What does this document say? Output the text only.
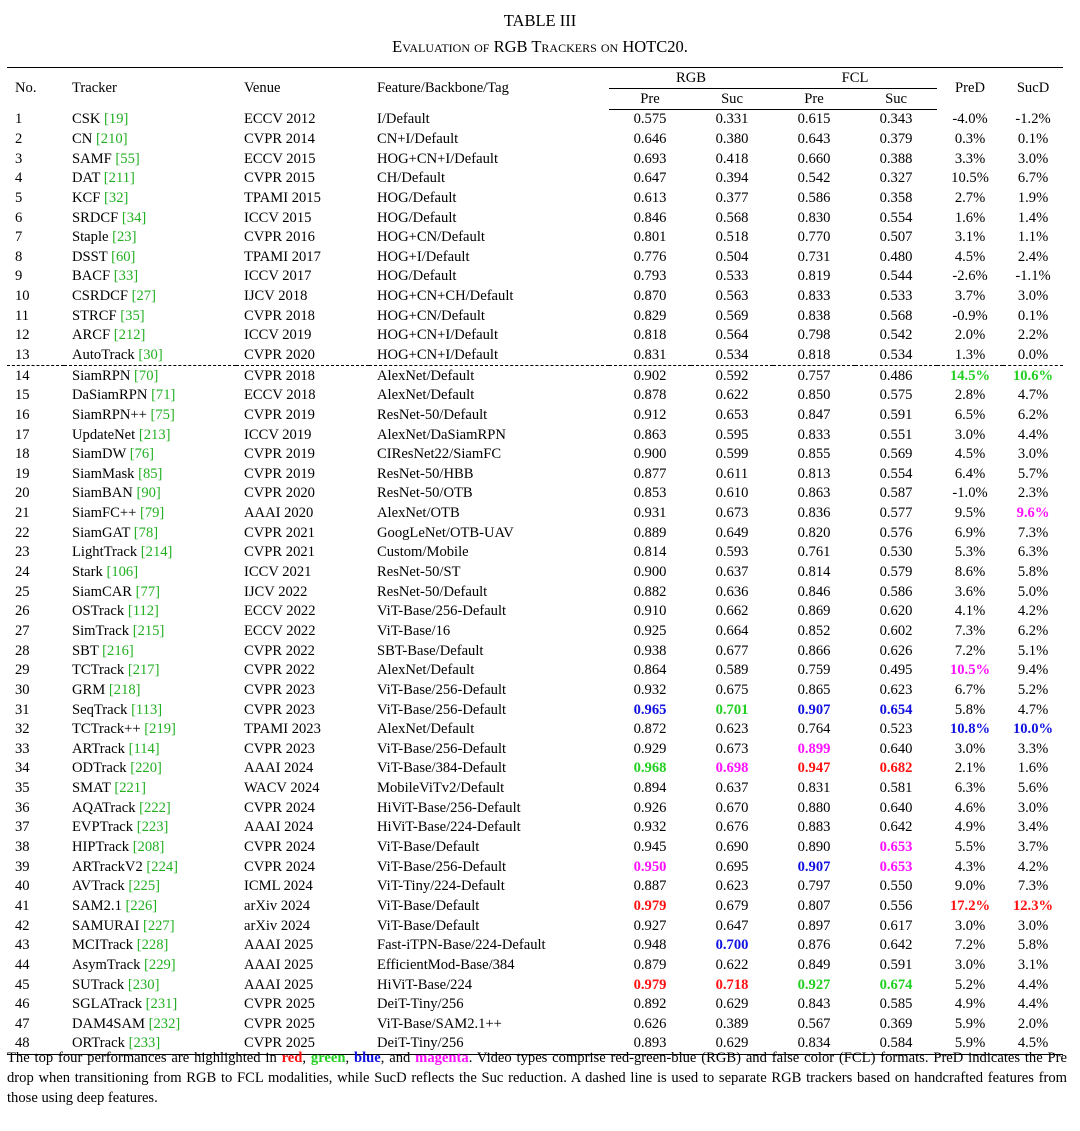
TABLE III
Evaluation of RGB Trackers on HOTC20.
No.	Tracker	Venue	Feature/Backbone/Tag	RGB		FCL		PreD	SucD
				Pre	Suc	Pre	Suc		
1	CSK [19]	ECCV 2012	I/Default	0.575	0.331	0.615	0.343	-4.0%	-1.2%
2	CN [210]	CVPR 2014	CN+I/Default	0.646	0.380	0.643	0.379	0.3%	0.1%
3	SAMF [55]	ECCV 2015	HOG+CN+I/Default	0.693	0.418	0.660	0.388	3.3%	3.0%
4	DAT [211]	CVPR 2015	CH/Default	0.647	0.394	0.542	0.327	10.5%	6.7%
5	KCF [32]	TPAMI 2015	HOG/Default	0.613	0.377	0.586	0.358	2.7%	1.9%
6	SRDCF [34]	ICCV 2015	HOG/Default	0.846	0.568	0.830	0.554	1.6%	1.4%
7	Staple [23]	CVPR 2016	HOG+CN/Default	0.801	0.518	0.770	0.507	3.1%	1.1%
8	DSST [60]	TPAMI 2017	HOG+I/Default	0.776	0.504	0.731	0.480	4.5%	2.4%
9	BACF [33]	ICCV 2017	HOG/Default	0.793	0.533	0.819	0.544	-2.6%	-1.1%
10	CSRDCF [27]	IJCV 2018	HOG+CN+CH/Default	0.870	0.563	0.833	0.533	3.7%	3.0%
11	STRCF [35]	CVPR 2018	HOG+CN/Default	0.829	0.569	0.838	0.568	-0.9%	0.1%
12	ARCF [212]	ICCV 2019	HOG+CN+I/Default	0.818	0.564	0.798	0.542	2.0%	2.2%
13	AutoTrack [30]	CVPR 2020	HOG+CN+I/Default	0.831	0.534	0.818	0.534	1.3%	0.0%
14	SiamRPN [70]	CVPR 2018	AlexNet/Default	0.902	0.592	0.757	0.486	14.5%	10.6%
15	DaSiamRPN [71]	ECCV 2018	AlexNet/Default	0.878	0.622	0.850	0.575	2.8%	4.7%
16	SiamRPN++ [75]	CVPR 2019	ResNet-50/Default	0.912	0.653	0.847	0.591	6.5%	6.2%
17	UpdateNet [213]	ICCV 2019	AlexNet/DaSiamRPN	0.863	0.595	0.833	0.551	3.0%	4.4%
18	SiamDW [76]	CVPR 2019	CIResNet22/SiamFC	0.900	0.599	0.855	0.569	4.5%	3.0%
19	SiamMask [85]	CVPR 2019	ResNet-50/HBB	0.877	0.611	0.813	0.554	6.4%	5.7%
20	SiamBAN [90]	CVPR 2020	ResNet-50/OTB	0.853	0.610	0.863	0.587	-1.0%	2.3%
21	SiamFC++ [79]	AAAI 2020	AlexNet/OTB	0.931	0.673	0.836	0.577	9.5%	9.6%
22	SiamGAT [78]	CVPR 2021	GoogLeNet/OTB-UAV	0.889	0.649	0.820	0.576	6.9%	7.3%
23	LightTrack [214]	CVPR 2021	Custom/Mobile	0.814	0.593	0.761	0.530	5.3%	6.3%
24	Stark [106]	ICCV 2021	ResNet-50/ST	0.900	0.637	0.814	0.579	8.6%	5.8%
25	SiamCAR [77]	IJCV 2022	ResNet-50/Default	0.882	0.636	0.846	0.586	3.6%	5.0%
26	OSTrack [112]	ECCV 2022	ViT-Base/256-Default	0.910	0.662	0.869	0.620	4.1%	4.2%
27	SimTrack [215]	ECCV 2022	ViT-Base/16	0.925	0.664	0.852	0.602	7.3%	6.2%
28	SBT [216]	CVPR 2022	SBT-Base/Default	0.938	0.677	0.866	0.626	7.2%	5.1%
29	TCTrack [217]	CVPR 2022	AlexNet/Default	0.864	0.589	0.759	0.495	10.5%	9.4%
30	GRM [218]	CVPR 2023	ViT-Base/256-Default	0.932	0.675	0.865	0.623	6.7%	5.2%
31	SeqTrack [113]	CVPR 2023	ViT-Base/256-Default	0.965	0.701	0.907	0.654	5.8%	4.7%
32	TCTrack++ [219]	TPAMI 2023	AlexNet/Default	0.872	0.623	0.764	0.523	10.8%	10.0%
33	ARTrack [114]	CVPR 2023	ViT-Base/256-Default	0.929	0.673	0.899	0.640	3.0%	3.3%
34	ODTrack [220]	AAAI 2024	ViT-Base/384-Default	0.968	0.698	0.947	0.682	2.1%	1.6%
35	SMAT [221]	WACV 2024	MobileViTv2/Default	0.894	0.637	0.831	0.581	6.3%	5.6%
36	AQATrack [222]	CVPR 2024	HiViT-Base/256-Default	0.926	0.670	0.880	0.640	4.6%	3.0%
37	EVPTrack [223]	AAAI 2024	HiViT-Base/224-Default	0.932	0.676	0.883	0.642	4.9%	3.4%
38	HIPTrack [208]	CVPR 2024	ViT-Base/Default	0.945	0.690	0.890	0.653	5.5%	3.7%
39	ARTrackV2 [224]	CVPR 2024	ViT-Base/256-Default	0.950	0.695	0.907	0.653	4.3%	4.2%
40	AVTrack [225]	ICML 2024	ViT-Tiny/224-Default	0.887	0.623	0.797	0.550	9.0%	7.3%
41	SAM2.1 [226]	arXiv 2024	ViT-Base/Default	0.979	0.679	0.807	0.556	17.2%	12.3%
42	SAMURAI [227]	arXiv 2024	ViT-Base/Default	0.927	0.647	0.897	0.617	3.0%	3.0%
43	MCITrack [228]	AAAI 2025	Fast-iTPN-Base/224-Default	0.948	0.700	0.876	0.642	7.2%	5.8%
44	AsymTrack [229]	AAAI 2025	EfficientMod-Base/384	0.879	0.622	0.849	0.591	3.0%	3.1%
45	SUTrack [230]	AAAI 2025	HiViT-Base/224	0.979	0.718	0.927	0.674	5.2%	4.4%
46	SGLATrack [231]	CVPR 2025	DeiT-Tiny/256	0.892	0.629	0.843	0.585	4.9%	4.4%
47	DAM4SAM [232]	CVPR 2025	ViT-Base/SAM2.1++	0.626	0.389	0.567	0.369	5.9%	2.0%
48	ORTrack [233]	CVPR 2025	DeiT-Tiny/256	0.893	0.629	0.834	0.584	5.9%	4.5%
The top four performances are highlighted in red, green, blue, and magenta. Video types comprise red-green-blue (RGB) and false color (FCL) formats. PreD indicates the Pre drop when transitioning from RGB to FCL modalities, while SucD reflects the Suc reduction. A dashed line is used to separate RGB trackers based on handcrafted features from those using deep features.
